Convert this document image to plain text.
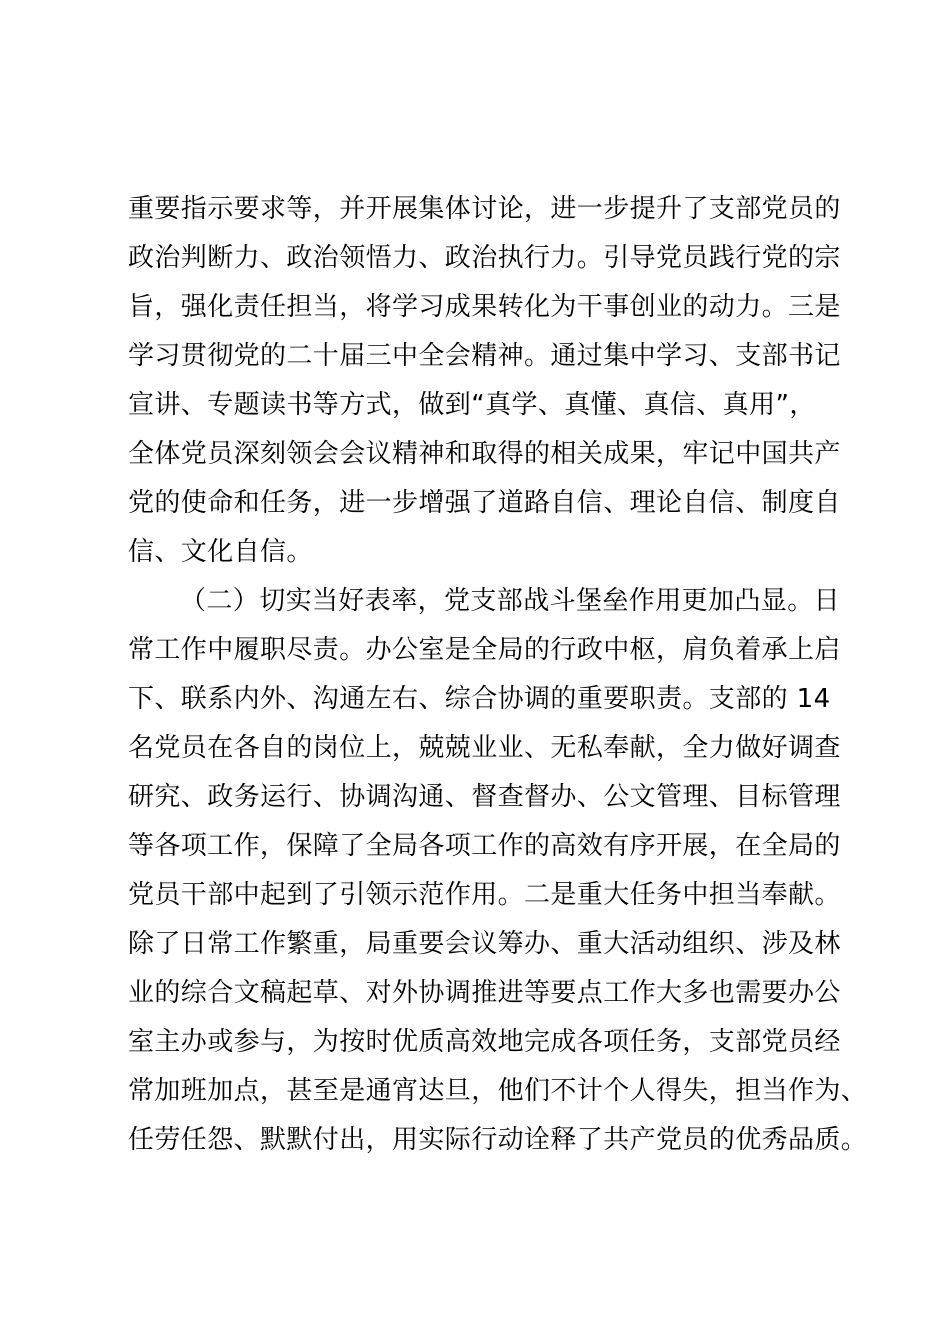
重要指示要求等，并开展集体讨论，进一步提升了支部党员的
政治判断力、政治领悟力、政治执行力。引导党员践行党的宗
旨，强化责任担当，将学习成果转化为干事创业的动力。三是
学习贯彻党的二十届三中全会精神。通过集中学习、支部书记
宣讲、专题读书等方式，做到“真学、真懂、真信、真用”，
全体党员深刻领会会议精神和取得的相关成果，牢记中国共产
党的使命和任务，进一步增强了道路自信、理论自信、制度自
信、文化自信。
（二）切实当好表率，党支部战斗堡垒作用更加凸显。日
常工作中履职尽责。办公室是全局的行政中枢，肩负着承上启
下、联系内外、沟通左右、综合协调的重要职责。支部的 14
名党员在各自的岗位上，兢兢业业、无私奉献，全力做好调查
研究、政务运行、协调沟通、督查督办、公文管理、目标管理
等各项工作，保障了全局各项工作的高效有序开展，在全局的
党员干部中起到了引领示范作用。二是重大任务中担当奉献。
除了日常工作繁重，局重要会议筹办、重大活动组织、涉及林
业的综合文稿起草、对外协调推进等要点工作大多也需要办公
室主办或参与，为按时优质高效地完成各项任务，支部党员经
常加班加点，甚至是通宵达旦，他们不计个人得失，担当作为、
任劳任怨、默默付出，用实际行动诠释了共产党员的优秀品质。
